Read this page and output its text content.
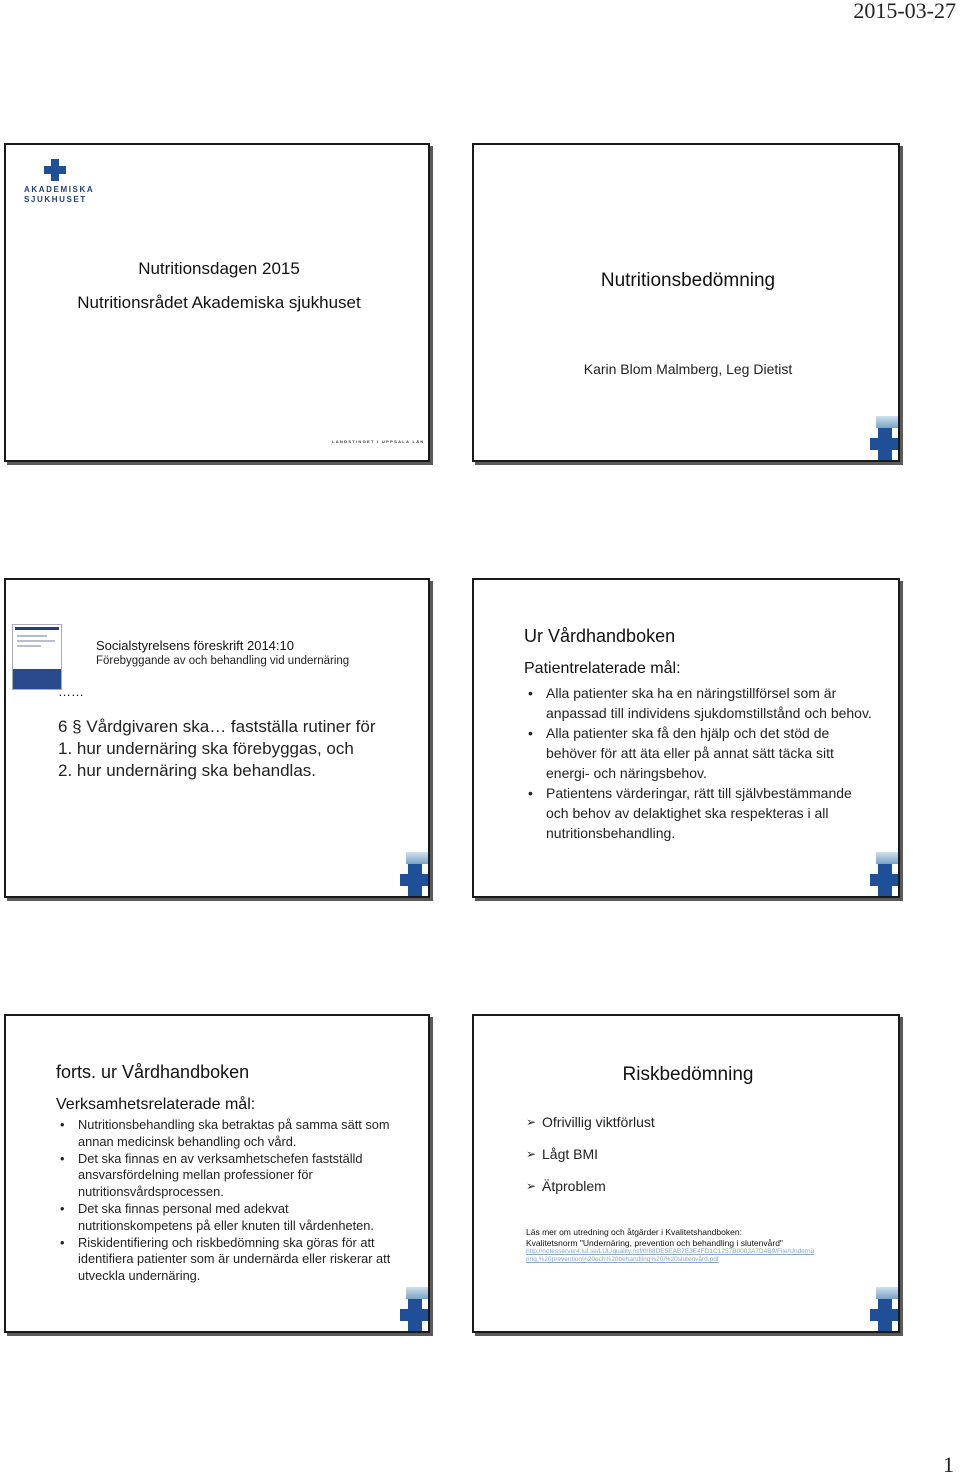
2015-03-27
AKADEMISKA
SJUKHUSET
Nutritionsdagen 2015
Nutritionsrådet Akademiska sjukhuset
LANDSTINGET I UPPSALA LÄN
Nutritionsbedömning
Karin Blom Malmberg, Leg Dietist
……
Socialstyrelsens föreskrift 2014:10
Förebyggande av och behandling vid undernäring
6 § Vårdgivaren ska… fastställa rutiner för
1. hur undernäring ska förebyggas, och
2. hur undernäring ska behandlas.
Ur Vårdhandboken
Patientrelaterade mål:
• Alla patienter ska ha en näringstillförsel som är anpassad till individens sjukdomstillstånd och behov.
• Alla patienter ska få den hjälp och det stöd de behöver för att äta eller på annat sätt täcka sitt energi- och näringsbehov.
• Patientens värderingar, rätt till självbestämmande och behov av delaktighet ska respekteras i all nutritionsbehandling.
forts. ur Vårdhandboken
Verksamhetsrelaterade mål:
• Nutritionsbehandling ska betraktas på samma sätt som annan medicinsk behandling och vård.
• Det ska finnas en av verksamhetschefen fastställd ansvarsfördelning mellan professioner för nutritionsvårdsprocessen.
• Det ska finnas personal med adekvat nutritionskompetens på eller knuten till vårdenheten.
• Riskidentifiering och riskbedömning ska göras för att identifiera patienter som är undernärda eller riskerar att utveckla undernäring.
Riskbedömning
➢ Ofrivillig viktförlust
➢ Lågt BMI
➢ Ätproblem
Läs mer om utredning och åtgärder i Kvalitetshandboken:
Kvalitetsnorm "Undernäring, prevention och behandling i slutenvård"
http://notesserver4.lul.se/LUL/quality.nsf/0/88DE5EAB7E3E4FD1C1257B0003A7D4B9/File/Undernäring,%20prevention%20och%20behandling%20i%20slutenvård.pdf
1
